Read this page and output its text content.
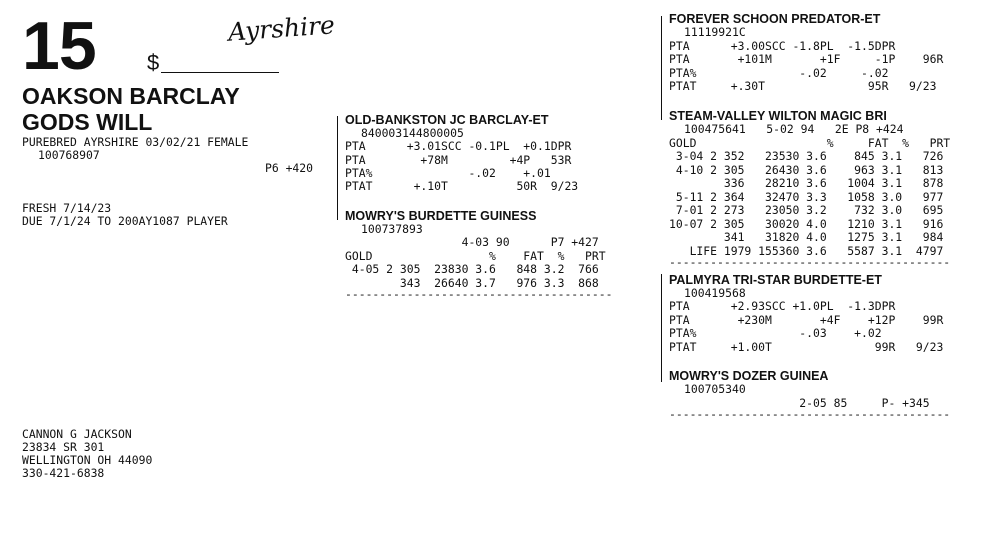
15 $
Ayrshire
OAKSON BARCLAY
GODS WILL
PUREBRED AYRSHIRE 03/02/21 FEMALE
100768907
P6 +420
FRESH 7/14/23
DUE 7/1/24 TO 200AY1087 PLAYER
CANNON G JACKSON
23834 SR 301
WELLINGTON OH 44090
330-421-6838
OLD-BANKSTON JC BARCLAY-ET
840003144800005
PTA      +3.01SCC -0.1PL  +0.1DPR
PTA        +78M         +4P   53R
PTA%              -.02    +.01
PTAT      +.10T          50R  9/23
MOWRY'S BURDETTE GUINESS
100737893
4-03 90      P7 +427
GOLD                 %    FAT  %   PRT
4-05 2 305  23830 3.6   848 3.2  766
343  26640 3.7   976 3.3  868
---------------------------------------
FOREVER SCHOON PREDATOR-ET
11119921C
PTA      +3.00SCC -1.8PL  -1.5DPR
PTA       +101M       +1F     -1P    96R
PTA%               -.02     -.02
PTAT     +.30T               95R   9/23
STEAM-VALLEY WILTON MAGIC BRI
100475641   5-02 94   2E P8 +424
GOLD                   %     FAT  %   PRT
3-04 2 352   23530 3.6    845 3.1   726
4-10 2 305   26430 3.6    963 3.1   813
336   28210 3.6   1004 3.1   878
5-11 2 364   32470 3.3   1058 3.0   977
7-01 2 273   23050 3.2    732 3.0   695
10-07 2 305   30020 4.0   1210 3.1   916
341   31820 4.0   1275 3.1   984
LIFE 1979 155360 3.6   5587 3.1  4797
-----------------------------------------
PALMYRA TRI-STAR BURDETTE-ET
100419568
PTA      +2.93SCC +1.0PL  -1.3DPR
PTA       +230M       +4F    +12P    99R
PTA%               -.03    +.02
PTAT     +1.00T               99R   9/23
MOWRY'S DOZER GUINEA
100705340
2-05 85     P- +345
-----------------------------------------
